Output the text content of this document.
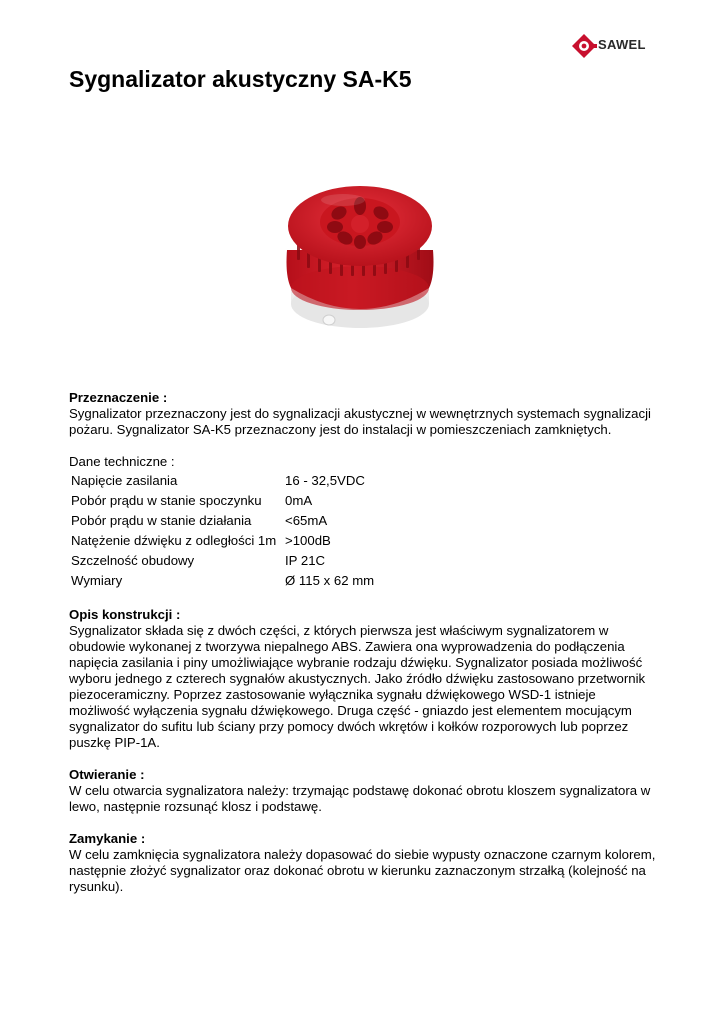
SAWEL
Sygnalizator akustyczny SA-K5

Przeznaczenie :

Sygnalizator przeznaczony jest do sygnalizacji akustycznej w wewnętrznych systemach sygnalizacji pożaru. Sygnalizator SA-K5 przeznaczony jest do instalacji w pomieszczeniach zamkniętych.

Dane techniczne :

Napięcie zasilania	16 - 32,5VDC
Pobór prądu w stanie spoczynku	0mA
Pobór prądu w stanie działania	<65mA
Natężenie dźwięku z odległości 1m	>100dB
Szczelność obudowy	IP 21C
Wymiary	Ø 115 x 62 mm

Opis konstrukcji :

Sygnalizator składa się z dwóch części, z których pierwsza jest właściwym sygnalizatorem w obudowie wykonanej z tworzywa niepalnego ABS. Zawiera ona wyprowadzenia do podłączenia napięcia zasilania i piny umożliwiające wybranie rodzaju dźwięku. Sygnalizator posiada możliwość wyboru jednego z czterech sygnałów akustycznych. Jako źródło dźwięku zastosowano przetwornik piezoceramiczny. Poprzez zastosowanie wyłącznika sygnału dźwiękowego WSD-1 istnieje możliwość wyłączenia sygnału dźwiękowego. Druga część - gniazdo jest elementem mocującym sygnalizator do sufitu lub ściany przy pomocy dwóch wkrętów i kołków rozporowych lub poprzez puszkę PIP-1A.

Otwieranie :

W celu otwarcia sygnalizatora należy: trzymając podstawę dokonać obrotu kloszem sygnalizatora w lewo, następnie rozsunąć klosz i podstawę.

Zamykanie :

W celu zamknięcia sygnalizatora należy dopasować do siebie wypusty oznaczone czarnym kolorem, następnie złożyć sygnalizator oraz dokonać obrotu w kierunku zaznaczonym strzałką (kolejność na rysunku).
